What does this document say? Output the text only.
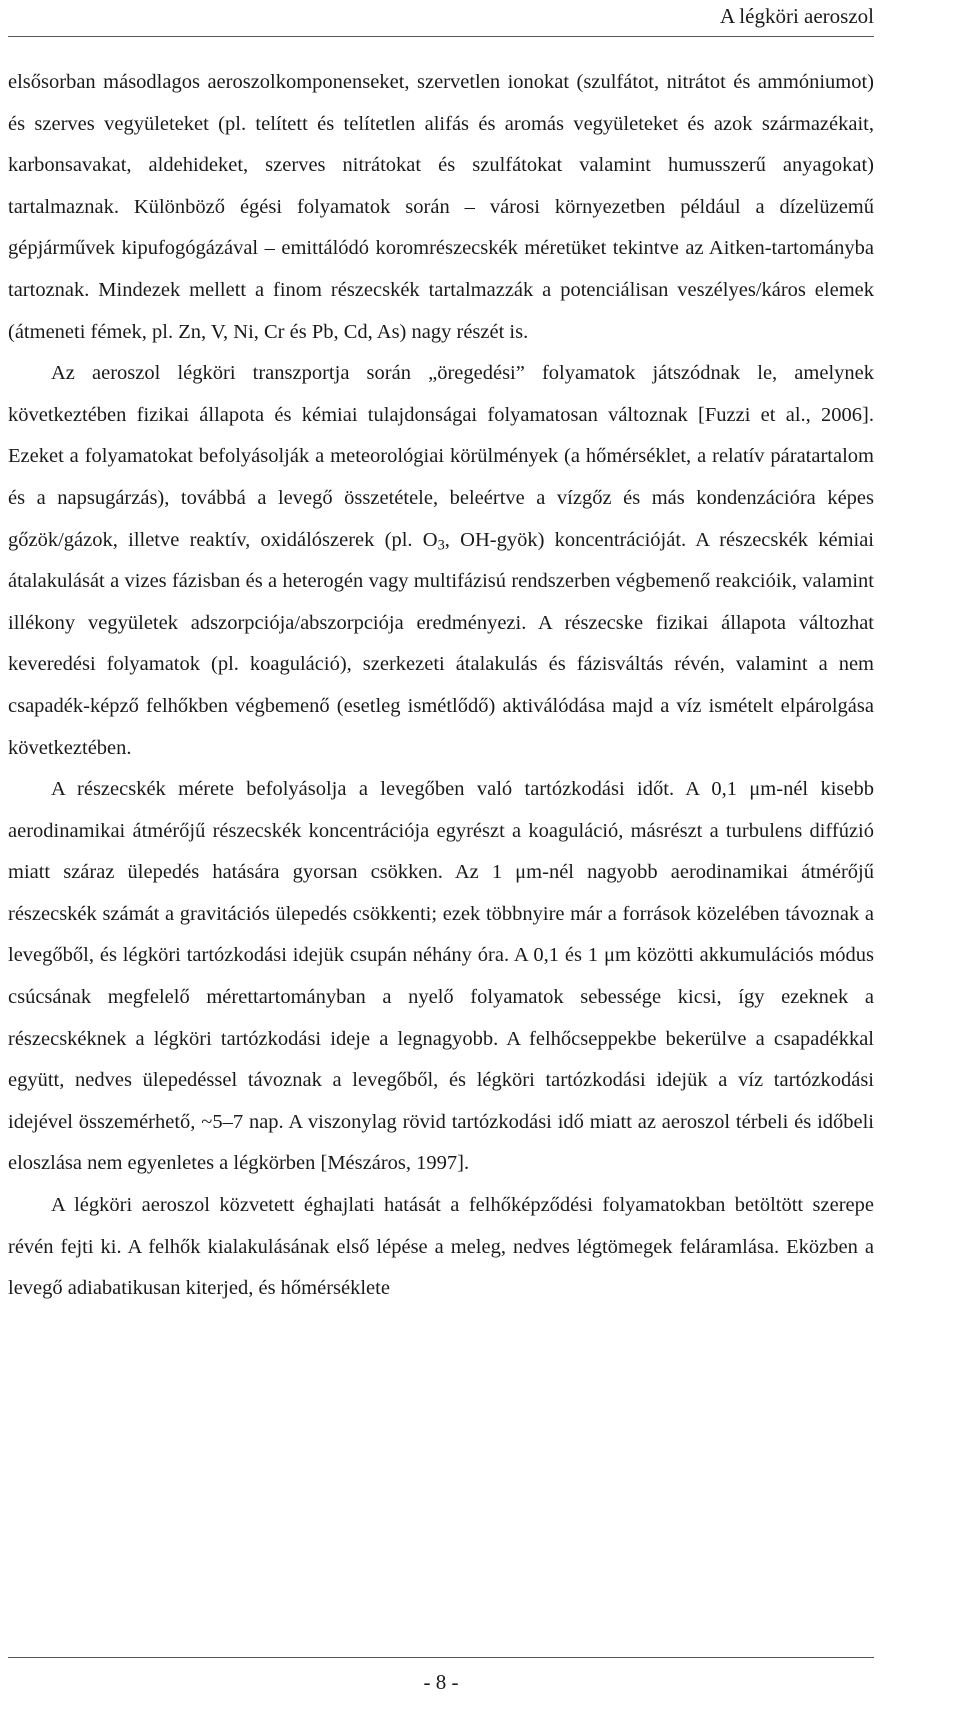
A légköri aeroszol

elsősorban másodlagos aeroszolkomponenseket, szervetlen ionokat (szulfátot, nitrátot és ammóniumot) és szerves vegyületeket (pl. telített és telítetlen alifás és aromás vegyületeket és azok származékait, karbonsavakat, aldehideket, szerves nitrátokat és szulfátokat valamint humusszerű anyagokat) tartalmaznak. Különböző égési folyamatok során – városi környezetben például a dízelüzemű gépjárművek kipufogógázával – emittálódó koromrészecskék méretüket tekintve az Aitken-tartományba tartoznak. Mindezek mellett a finom részecskék tartalmazzák a potenciálisan veszélyes/káros elemek (átmeneti fémek, pl. Zn, V, Ni, Cr és Pb, Cd, As) nagy részét is.

Az aeroszol légköri transzportja során „öregedési” folyamatok játszódnak le, amelynek következtében fizikai állapota és kémiai tulajdonságai folyamatosan változnak [Fuzzi et al., 2006]. Ezeket a folyamatokat befolyásolják a meteorológiai körülmények (a hőmérséklet, a relatív páratartalom és a napsugárzás), továbbá a levegő összetétele, beleértve a vízgőz és más kondenzációra képes gőzök/gázok, illetve reaktív, oxidálószerek (pl. $O_3$, OH-gyök) koncentrációját. A részecskék kémiai átalakulását a vizes fázisban és a heterogén vagy multifázisú rendszerben végbemenő reakcióik, valamint illékony vegyületek adszorpciója/abszorpciója eredményezi. A részecske fizikai állapota változhat keveredési folyamatok (pl. koaguláció), szerkezeti átalakulás és fázisváltás révén, valamint a nem csapadék-képző felhőkben végbemenő (esetleg ismétlődő) aktiválódása majd a víz ismételt elpárolgása következtében.

A részecskék mérete befolyásolja a levegőben való tartózkodási időt. A 0,1 μm-nél kisebb aerodinamikai átmérőjű részecskék koncentrációja egyrészt a koaguláció, másrészt a turbulens diffúzió miatt száraz ülepedés hatására gyorsan csökken. Az 1 μm-nél nagyobb aerodinamikai átmérőjű részecskék számát a gravitációs ülepedés csökkenti; ezek többnyire már a források közelében távoznak a levegőből, és légköri tartózkodási idejük csupán néhány óra. A 0,1 és 1 μm közötti akkumulációs módus csúcsának megfelelő mérettartományban a nyelő folyamatok sebessége kicsi, így ezeknek a részecskéknek a légköri tartózkodási ideje a legnagyobb. A felhőcseppekbe bekerülve a csapadékkal együtt, nedves ülepedéssel távoznak a levegőből, és légköri tartózkodási idejük a víz tartózkodási idejével összemérhető, ~5–7 nap. A viszonylag rövid tartózkodási idő miatt az aeroszol térbeli és időbeli eloszlása nem egyenletes a légkörben [Mészáros, 1997].

A légköri aeroszol közvetett éghajlati hatását a felhőképződési folyamatokban betöltött szerepe révén fejti ki. A felhők kialakulásának első lépése a meleg, nedves légtömegek feláramlása. Eközben a levegő adiabatikusan kiterjed, és hőmérséklete

- 8 -
